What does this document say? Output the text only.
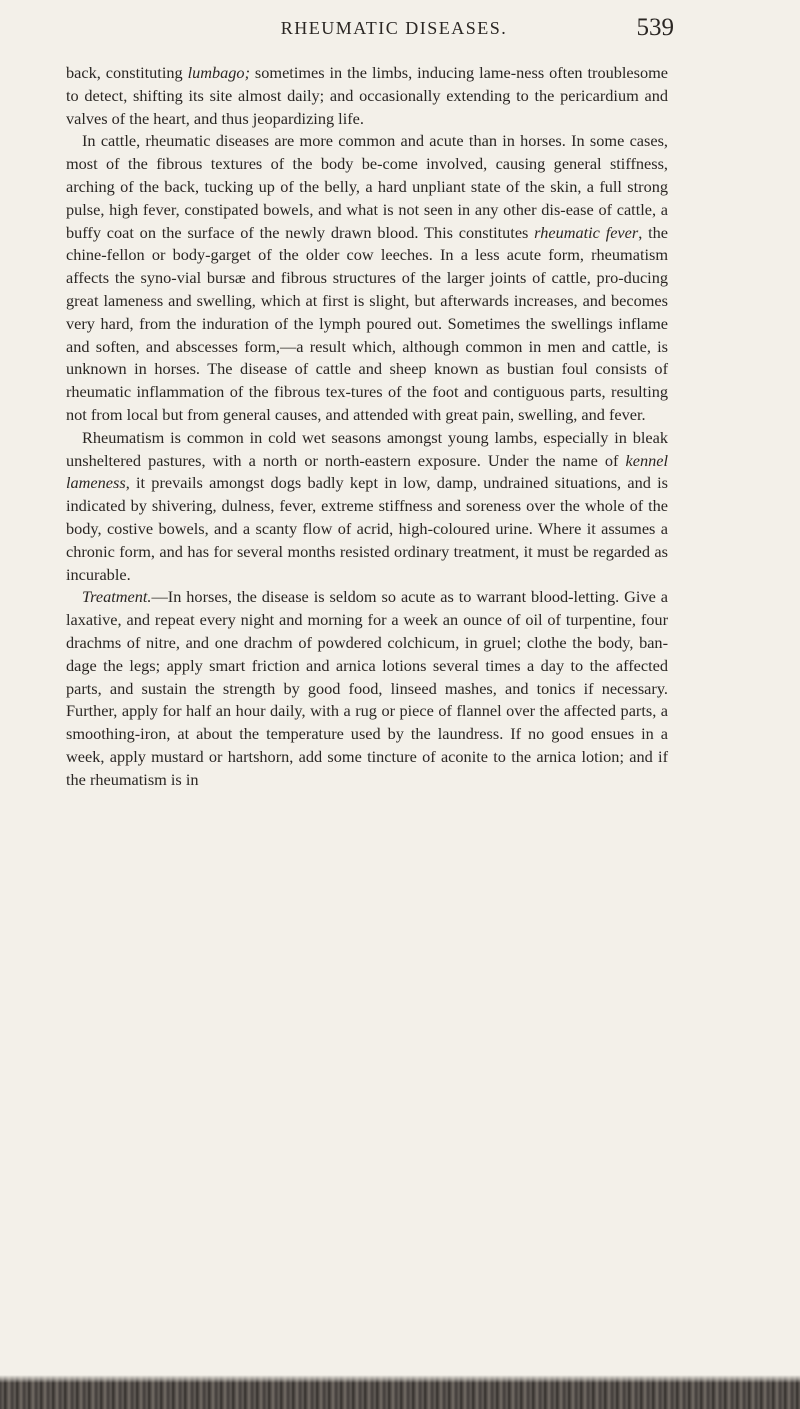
RHEUMATIC DISEASES.	539

back, constituting lumbago; sometimes in the limbs, inducing lame-ness often troublesome to detect, shifting its site almost daily; and occasionally extending to the pericardium and valves of the heart, and thus jeopardizing life.

In cattle, rheumatic diseases are more common and acute than in horses. In some cases, most of the fibrous textures of the body be-come involved, causing general stiffness, arching of the back, tucking up of the belly, a hard unpliant state of the skin, a full strong pulse, high fever, constipated bowels, and what is not seen in any other dis-ease of cattle, a buffy coat on the surface of the newly drawn blood. This constitutes rheumatic fever, the chine-fellon or body-garget of the older cow leeches. In a less acute form, rheumatism affects the syno-vial bursæ and fibrous structures of the larger joints of cattle, pro-ducing great lameness and swelling, which at first is slight, but afterwards increases, and becomes very hard, from the induration of the lymph poured out. Sometimes the swellings inflame and soften, and abscesses form,—a result which, although common in men and cattle, is unknown in horses. The disease of cattle and sheep known as bustian foul consists of rheumatic inflammation of the fibrous tex-tures of the foot and contiguous parts, resulting not from local but from general causes, and attended with great pain, swelling, and fever.

Rheumatism is common in cold wet seasons amongst young lambs, especially in bleak unsheltered pastures, with a north or north-eastern exposure. Under the name of kennel lameness, it prevails amongst dogs badly kept in low, damp, undrained situations, and is indicated by shivering, dulness, fever, extreme stiffness and soreness over the whole of the body, costive bowels, and a scanty flow of acrid, high-coloured urine. Where it assumes a chronic form, and has for several months resisted ordinary treatment, it must be regarded as incurable.

Treatment.—In horses, the disease is seldom so acute as to warrant blood-letting. Give a laxative, and repeat every night and morning for a week an ounce of oil of turpentine, four drachms of nitre, and one drachm of powdered colchicum, in gruel; clothe the body, ban-dage the legs; apply smart friction and arnica lotions several times a day to the affected parts, and sustain the strength by good food, linseed mashes, and tonics if necessary. Further, apply for half an hour daily, with a rug or piece of flannel over the affected parts, a smoothing-iron, at about the temperature used by the laundress. If no good ensues in a week, apply mustard or hartshorn, add some tincture of aconite to the arnica lotion; and if the rheumatism is in
